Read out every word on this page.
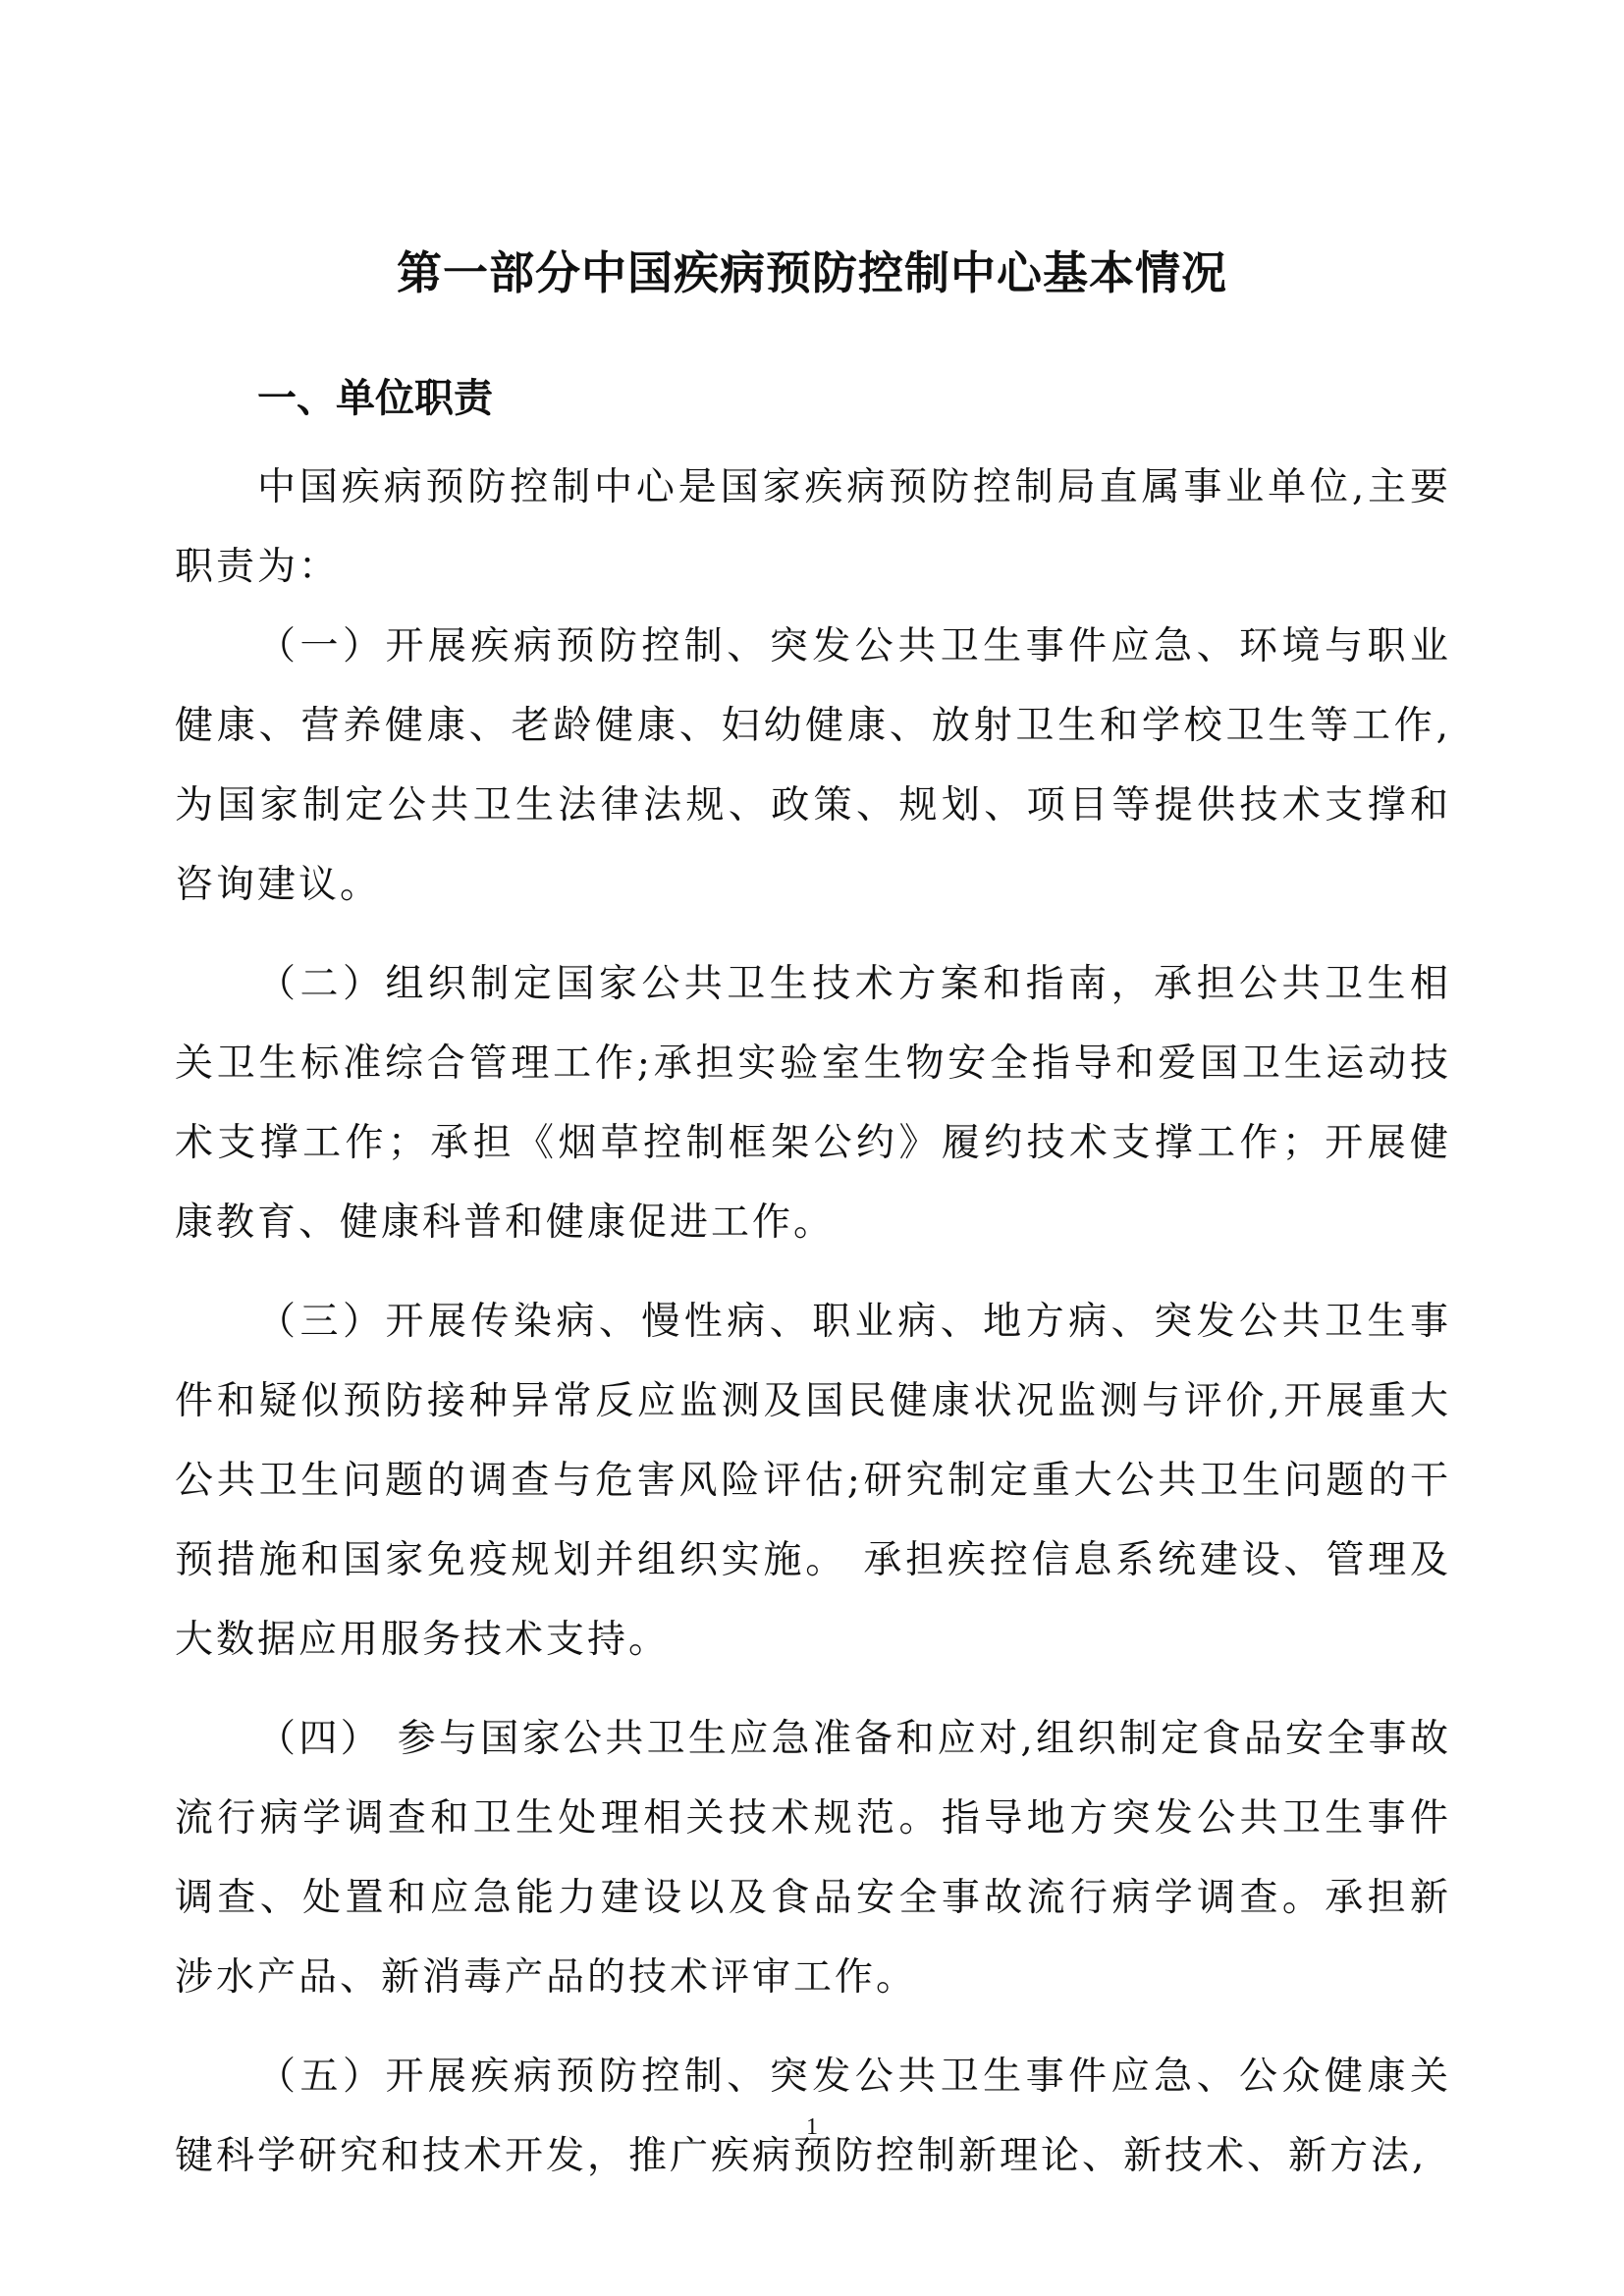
第一部分中国疾病预防控制中心基本情况
一、单位职责

中国疾病预防控制中心是国家疾病预防控制局直属事业单位,主要职责为：

（一）开展疾病预防控制、突发公共卫生事件应急、环境与职业健康、营养健康、老龄健康、妇幼健康、放射卫生和学校卫生等工作,为国家制定公共卫生法律法规、政策、规划、项目等提供技术支撑和咨询建议。

（二）组织制定国家公共卫生技术方案和指南，承担公共卫生相关卫生标准综合管理工作;承担实验室生物安全指导和爱国卫生运动技术支撑工作；承担《烟草控制框架公约》履约技术支撑工作；开展健康教育、健康科普和健康促进工作。

（三）开展传染病、慢性病、职业病、地方病、突发公共卫生事件和疑似预防接种异常反应监测及国民健康状况监测与评价,开展重大公共卫生问题的调查与危害风险评估;研究制定重大公共卫生问题的干预措施和国家免疫规划并组织实施。 承担疾控信息系统建设、管理及大数据应用服务技术支持。

（四） 参与国家公共卫生应急准备和应对,组织制定食品安全事故流行病学调查和卫生处理相关技术规范。指导地方突发公共卫生事件调查、处置和应急能力建设以及食品安全事故流行病学调查。承担新涉水产品、新消毒产品的技术评审工作。

（五）开展疾病预防控制、突发公共卫生事件应急、公众健康关键科学研究和技术开发，推广疾病预防控制新理论、新技术、新方法,

1
